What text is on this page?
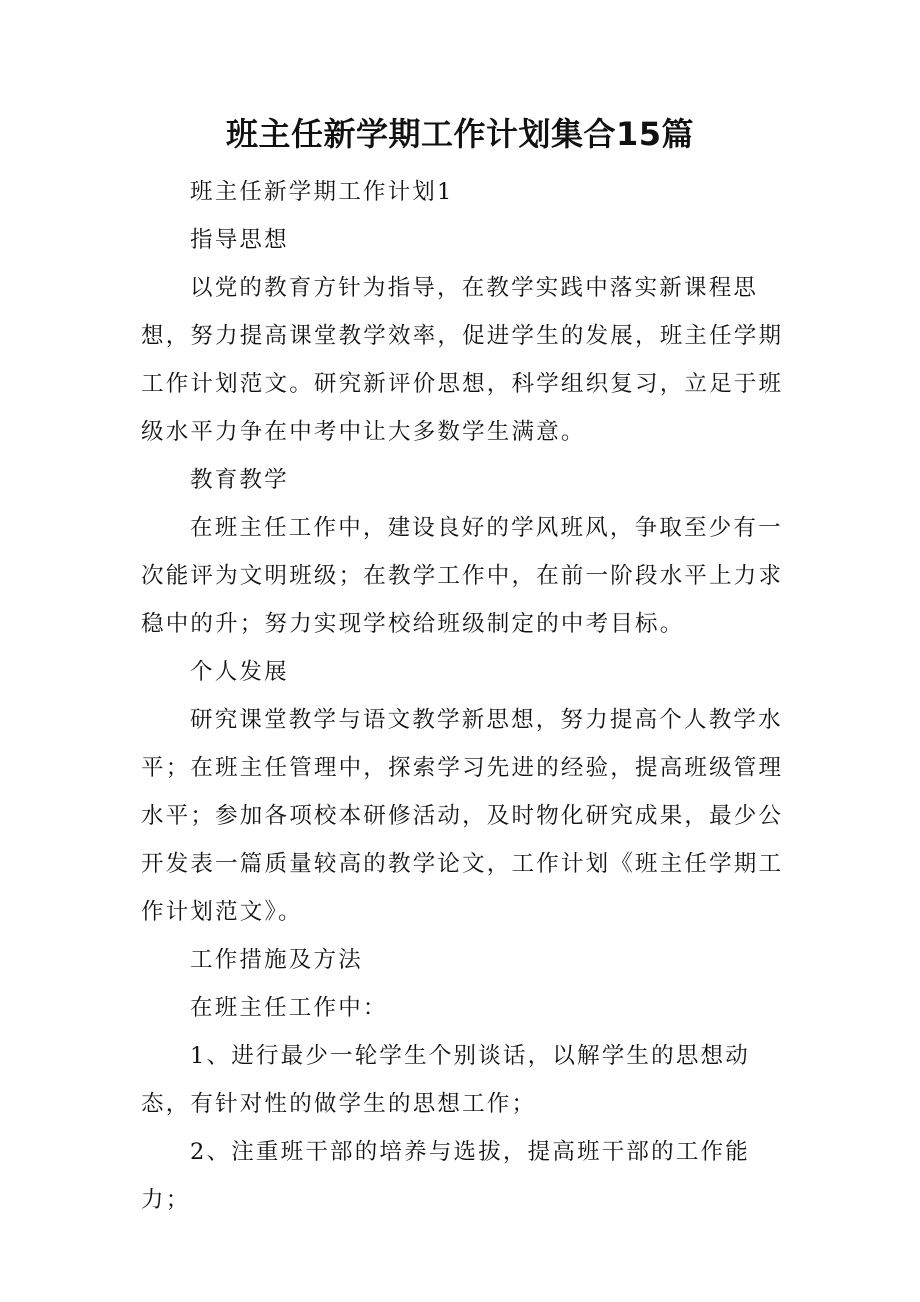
班主任新学期工作计划集合15篇

班主任新学期工作计划1

指导思想

以党的教育方针为指导，在教学实践中落实新课程思想，努力提高课堂教学效率，促进学生的发展，班主任学期工作计划范文。研究新评价思想，科学组织复习，立足于班级水平力争在中考中让大多数学生满意。

教育教学

在班主任工作中，建设良好的学风班风，争取至少有一次能评为文明班级；在教学工作中，在前一阶段水平上力求稳中的升；努力实现学校给班级制定的中考目标。

个人发展

研究课堂教学与语文教学新思想，努力提高个人教学水平；在班主任管理中，探索学习先进的经验，提高班级管理水平；参加各项校本研修活动，及时物化研究成果，最少公开发表一篇质量较高的教学论文，工作计划《班主任学期工作计划范文》。

工作措施及方法

在班主任工作中：

1、进行最少一轮学生个别谈话，以解学生的思想动态，有针对性的做学生的思想工作；

2、注重班干部的培养与选拔，提高班干部的工作能力；
